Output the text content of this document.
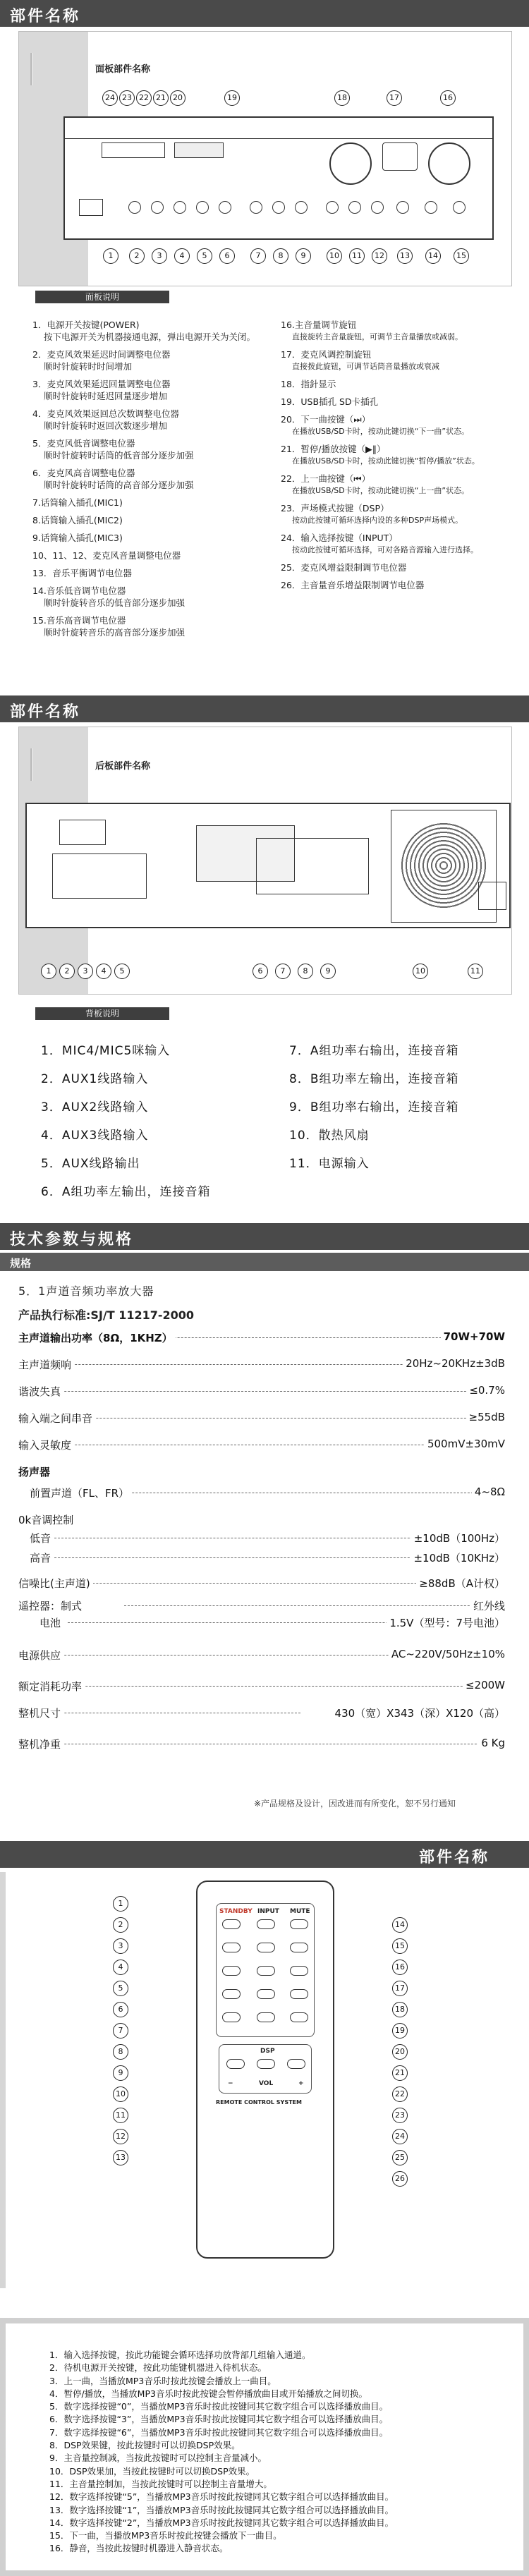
部件名称
面板部件名称
24 23 22 21 20	19	18	17	16
1	2	3	4	5	6	7	8	9	10	11	12	13	14	15
面板说明
1．电源开关按键(POWER)
按下电源开关为机器接通电源，弹出电源开关为关闭。
2．麦克风效果延迟时间调整电位器
顺时针旋转时时间增加
3．麦克风效果延迟回量调整电位器
顺时针旋转时延迟回量逐步增加
4．麦克风效果返回总次数调整电位器
顺时针旋转时返回次数逐步增加
5．麦克风低音调整电位器
顺时针旋转时话筒的低音部分逐步加强
6．麦克风高音调整电位器
顺时针旋转时话筒的高音部分逐步加强
7.话筒输入插孔(MIC1)
8.话筒输入插孔(MIC2)
9.话筒输入插孔(MIC3)
10、11、12、麦克风音量调整电位器
13．音乐平衡调节电位器
14.音乐低音调节电位器
顺时针旋转音乐的低音部分逐步加强
15.音乐高音调节电位器
顺时针旋转音乐的高音部分逐步加强
16.主音量调节旋钮
直接旋转主音量旋钮，可调节主音量播放或减弱。
17．麦克风调控制旋钮
直接拨此旋钮，可调节话筒音量播放或衰减
18．指針显示
19．USB插孔 SD卡插孔
20．下一曲按键（⏭）
在播放USB/SD卡时，按动此键切换“下一曲”状态。
21．暂停/播放按键（▶‖）
在播放USB/SD卡时，按动此键切换“暂停/播放”状态。
22．上一曲按键（⏮）
在播放USB/SD卡时，按动此键切换“上一曲”状态。
23．声场模式按键（DSP）
按动此按键可循环选择内设的多种DSP声场模式。
24．输入选择按键（INPUT）
按动此按键可循环选择，可对各路音源输入进行选择。
25．麦克风增益限制调节电位器
26．主音量音乐增益限制调节电位器
部件名称
后板部件名称
1	2	3	4	5	6	7	8	9	10	11
背板说明
1．MIC4/MIC5咪输入
2．AUX1线路输入
3．AUX2线路输入
4．AUX3线路输入
5．AUX线路输出
6．A组功率左输出，连接音箱
7．A组功率右输出，连接音箱
8．B组功率左输出，连接音箱
9．B组功率右输出，连接音箱
10．散热风扇
11．电源输入
技术参数与规格
规格
5．1声道音频功率放大器
产品执行标准:SJ/T 11217-2000
主声道输出功率（8Ω，1KHZ）	70W+70W
主声道频响	20Hz~20KHz±3dB
谐波失真	≤0.7%
输入端之间串音	≥55dB
输入灵敏度	500mV±30mV
扬声器
前置声道（FL、FR）	4~8Ω
0k音调控制
低音	±10dB（100Hz）
高音	±10dB（10KHz）
信噪比(主声道)	≥88dB（A计权）
遥控器：制式	红外线
电池	1.5V（型号：7号电池）
电源供应	AC~220V/50Hz±10%
额定消耗功率	≤200W
整机尺寸	430（宽）X343（深）X120（高）
整机净重	6 Kg
※产品规格及设计，因改进而有所变化，恕不另行通知
部件名称
STANDBY INPUT MUTE
DSP
−	VOL	+
REMOTE CONTROL SYSTEM
1
2
3
4
5
6
7
8
9
10
11
12
13
14
15
16
17
18
19
20
21
22
23
24
25
26
1．输入选择按键，按此功能键会循环选择功放背部几组输入通道。
2．待机电源开关按键，按此功能键机器进入待机状态。
3．上一曲，当播放MP3音乐时按此按键会播放上一曲目。
4．暂停/播放，当播放MP3音乐时按此按键会暂停播放曲目或开始播放之间切换。
5．数字选择按键“0”，当播放MP3音乐时按此按键同其它数字组合可以选择播放曲目。
6．数字选择按键“3”，当播放MP3音乐时按此按键同其它数字组合可以选择播放曲目。
7．数字选择按键“6”，当播放MP3音乐时按此按键同其它数字组合可以选择播放曲目。
8．DSP效果键，按此按键时可以切换DSP效果。
9．主音量控制减，当按此按键时可以控制主音量减小。
10．DSP效果加，当按此按键时可以切换DSP效果。
11．主音量控制加，当按此按键时可以控制主音量增大。
12．数字选择按键“5”，当播放MP3音乐时按此按键同其它数字组合可以选择播放曲目。
13．数字选择按键“1”，当播放MP3音乐时按此按键同其它数字组合可以选择播放曲目。
14．数字选择按键“2”，当播放MP3音乐时按此按键同其它数字组合可以选择播放曲目。
15．下一曲，当播放MP3音乐时按此按键会播放下一曲目。
16．静音，当按此按键时机器进入静音状态。
